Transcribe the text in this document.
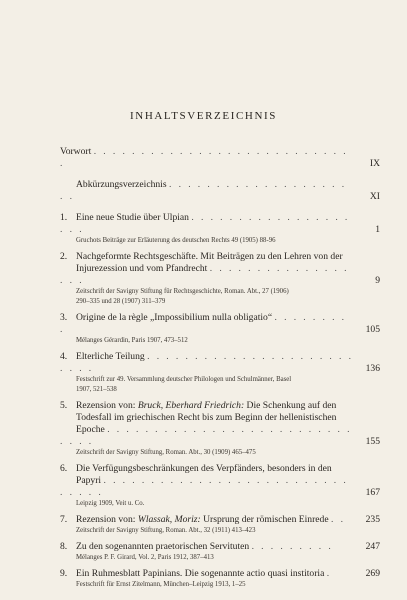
INHALTSVERZEICHNIS
Vorwort . . . . . . . . . . . . . . . . . . . . . . . . . . . .	IX
Abkürzungsverzeichnis . . . . . . . . . . . . . . . . . . . . .	XI
1. Eine neue Studie über Ulpian . . . . . . . . . . . . . . . . . . . .	1
Gruchots Beiträge zur Erläuterung des deutschen Rechts 49 (1905) 88-96
2. Nachgeformte Rechtsgeschäfte. Mit Beiträgen zu den Lehren von der
Injurezession und vom Pfandrecht . . . . . . . . . . . . . . . . . .	9
Zeitschrift der Savigny Stiftung für Rechtsgeschichte, Roman. Abt., 27 (1906)
290–335 und 28 (1907) 311–379
3. Origine de la règle „Impossibilium nulla obligatio“ . . . . . . . . .	105
Mélanges Gérardin, Paris 1907, 473–512
4. Elterliche Teilung . . . . . . . . . . . . . . . . . . . . . . . . . .	136
Festschrift zur 49. Versammlung deutscher Philologen und Schulmänner, Basel
1907, 521–538
5. Rezension von: Bruck, Eberhard Friedrich: Die Schenkung auf den
Todesfall im griechischen Recht bis zum Beginn der hellenistischen
Epoche . . . . . . . . . . . . . . . . . . . . . . . . . . . . . .	155
Zeitschrift der Savigny Stiftung, Roman. Abt., 30 (1909) 465–475
6. Die Verfügungsbeschränkungen des Verpfänders, besonders in den
Papyri . . . . . . . . . . . . . . . . . . . . . . . . . . . . . . .	167
Leipzig 1909, Veit u. Co.
7. Rezension von: Wlassak, Moriz: Ursprung der römischen Einrede . .	235
Zeitschrift der Savigny Stiftung, Roman. Abt., 32 (1911) 413–423
8. Zu den sogenannten praetorischen Servituten . . . . . . . . .	247
Mélanges P. F. Girard, Vol. 2, Paris 1912, 387–413
9. Ein Ruhmesblatt Papinians. Die sogenannte actio quasi institoria .	269
Festschrift für Ernst Zitelmann, München–Leipzig 1913, 1–25
